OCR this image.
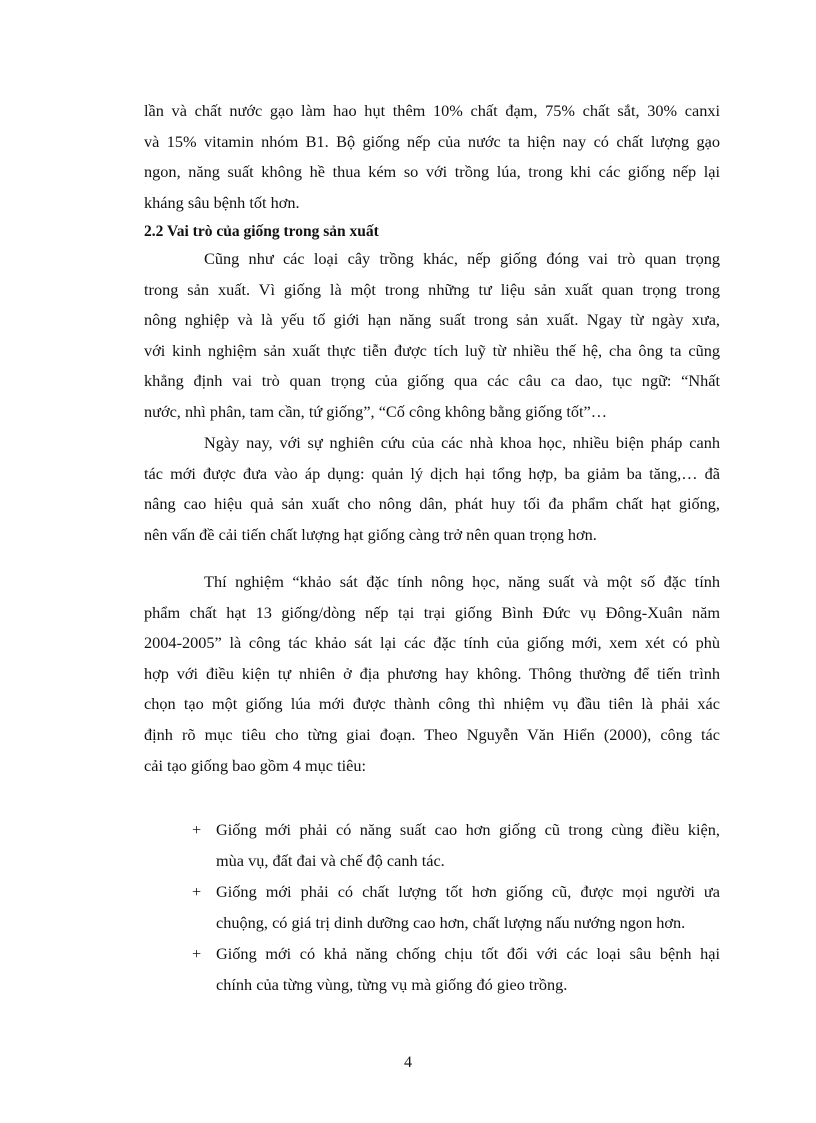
lần và chất nước gạo làm hao hụt thêm 10% chất đạm, 75% chất sắt, 30% canxi
và 15% vitamin nhóm B1. Bộ giống nếp của nước ta hiện nay có chất lượng gạo
ngon, năng suất không hề thua kém so với trồng lúa, trong khi các giống nếp lại
kháng sâu bệnh tốt hơn.
2.2 Vai trò của giống trong sản xuất
Cũng như các loại cây trồng khác, nếp giống đóng vai trò quan trọng
trong sản xuất. Vì giống là một trong những tư liệu sản xuất quan trọng trong
nông nghiệp và là yếu tố giới hạn năng suất trong sản xuất. Ngay từ ngày xưa,
với kinh nghiệm sản xuất thực tiễn được tích luỹ từ nhiều thế hệ, cha ông ta cũng
khẳng định vai trò quan trọng của giống qua các câu ca dao, tục ngữ: “Nhất
nước, nhì phân, tam cần, tứ giống”, “Cố công không bằng giống tốt”…
Ngày nay, với sự nghiên cứu của các nhà khoa học, nhiều biện pháp canh
tác mới được đưa vào áp dụng: quản lý dịch hại tổng hợp, ba giảm ba tăng,… đã
nâng cao hiệu quả sản xuất cho nông dân, phát huy tối đa phẩm chất hạt giống,
nên vấn đề cải tiến chất lượng hạt giống càng trở nên quan trọng hơn.
Thí nghiệm “khảo sát đặc tính nông học, năng suất và một số đặc tính
phẩm chất hạt 13 giống/dòng nếp tại trại giống Bình Đức vụ Đông-Xuân năm
2004-2005” là công tác khảo sát lại các đặc tính của giống mới, xem xét có phù
hợp với điều kiện tự nhiên ở địa phương hay không. Thông thường để tiến trình
chọn tạo một giống lúa mới được thành công thì nhiệm vụ đầu tiên là phải xác
định rõ mục tiêu cho từng giai đoạn. Theo Nguyễn Văn Hiển (2000), công tác
cải tạo giống bao gồm 4 mục tiêu:
+ Giống mới phải có năng suất cao hơn giống cũ trong cùng điều kiện,
mùa vụ, đất đai và chế độ canh tác.
+ Giống mới phải có chất lượng tốt hơn giống cũ, được mọi người ưa
chuộng, có giá trị dinh dưỡng cao hơn, chất lượng nấu nướng ngon hơn.
+ Giống mới có khả năng chống chịu tốt đối với các loại sâu bệnh hại
chính của từng vùng, từng vụ mà giống đó gieo trồng.
4
